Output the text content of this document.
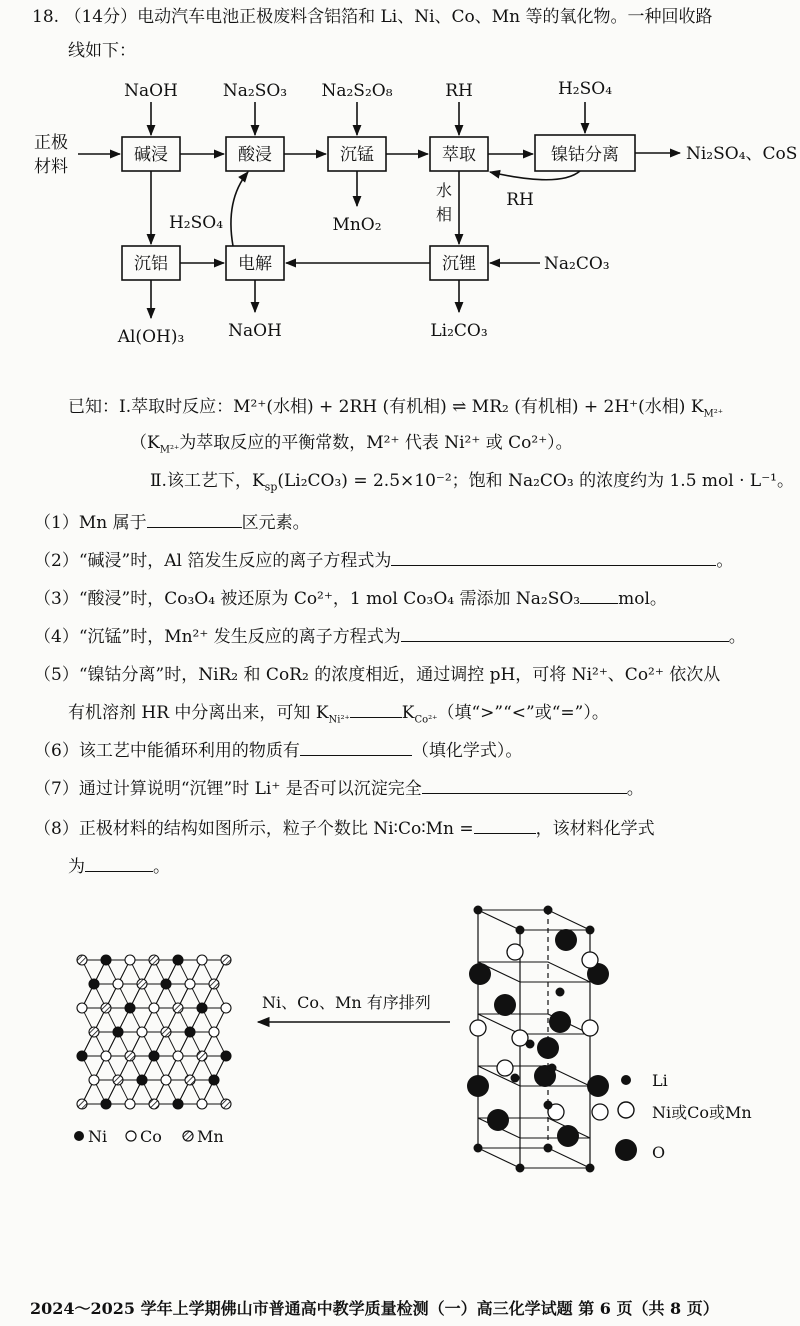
18. （14分）电动汽车电池正极废料含铝箔和 Li、Ni、Co、Mn 等的氧化物。一种回收路
线如下：
碱浸	酸浸	沉锰	萃取	镍钴分离
沉铝	电解	沉锂
NaOH	Na₂SO₃ Na₂S₂O₈	RH	H₂SO₄
H₂SO₄
RH
Na₂CO₃
正极
材料
水
相
Ni₂SO₄、CoS
MnO₂
Al(OH)₃	NaOH	Li₂CO₃
已知：Ⅰ.萃取时反应：M²⁺(水相) + 2RH (有机相) ⇌ MR₂ (有机相) + 2H⁺(水相) $K_{M^{2+}}$
（$K_{M^{2+}}$为萃取反应的平衡常数，M²⁺ 代表 Ni²⁺ 或 Co²⁺）。
Ⅱ.该工艺下，$K_{sp}(Li_2CO_3) = 2.5\times 10^{-2}$；饱和 Na₂CO₃ 的浓度约为 1.5 mol · L⁻¹。
（1）Mn 属于	区元素。
（2）“碱浸”时，Al 箔发生反应的离子方程式为	。
（3）“酸浸”时，Co₃O₄ 被还原为 Co²⁺，1 mol Co₃O₄ 需添加 Na₂SO₃ mol。
（4）“沉锰”时，Mn²⁺ 发生反应的离子方程式为	。
（5）“镍钴分离”时，NiR₂ 和 CoR₂ 的浓度相近，通过调控 pH，可将 Ni²⁺、Co²⁺ 依次从
有机溶剂 HR 中分离出来，可知 $K_{Ni^{2+}}$	$K_{Co^{2+}}$（填“>”“<”或“=”）。
（6）该工艺中能循环利用的物质有	（填化学式）。
（7）通过计算说明“沉锂”时 Li⁺ 是否可以沉淀完全	。
（8）正极材料的结构如图所示，粒子个数比 Ni∶Co∶Mn =	，该材料化学式
为	。
Ni Co Mn
Ni、Co、Mn 有序排列
Li
Ni或Co或Mn
O
2024～2025 学年上学期佛山市普通高中教学质量检测（一）高三化学试题 第 6 页（共 8 页）
